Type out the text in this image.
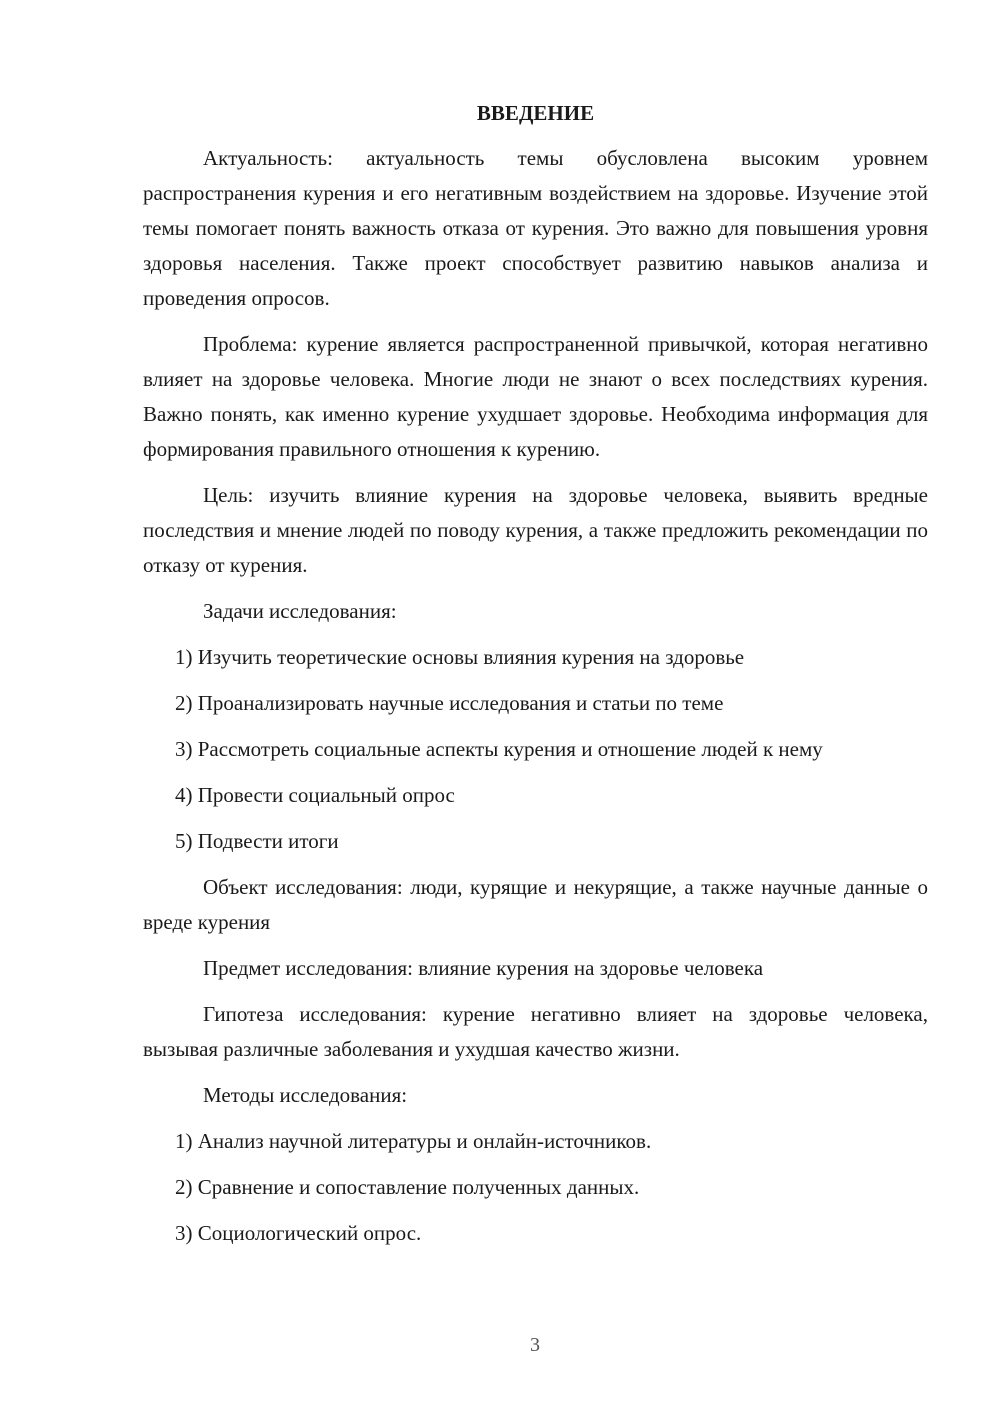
ВВЕДЕНИЕ

Актуальность: актуальность темы обусловлена высоким уровнем распространения курения и его негативным воздействием на здоровье. Изучение этой темы помогает понять важность отказа от курения. Это важно для повышения уровня здоровья населения. Также проект способствует развитию навыков анализа и проведения опросов.

Проблема: курение является распространенной привычкой, которая негативно влияет на здоровье человека. Многие люди не знают о всех последствиях курения. Важно понять, как именно курение ухудшает здоровье. Необходима информация для формирования правильного отношения к курению.

Цель: изучить влияние курения на здоровье человека, выявить вредные последствия и мнение людей по поводу курения, а также предложить рекомендации по отказу от курения.

Задачи исследования:

1) Изучить теоретические основы влияния курения на здоровье

2) Проанализировать научные исследования и статьи по теме

3) Рассмотреть социальные аспекты курения и отношение людей к нему

4) Провести социальный опрос

5) Подвести итоги

Объект исследования: люди, курящие и некурящие, а также научные данные о вреде курения

Предмет исследования: влияние курения на здоровье человека

Гипотеза исследования: курение негативно влияет на здоровье человека, вызывая различные заболевания и ухудшая качество жизни.

Методы исследования:

1) Анализ научной литературы и онлайн-источников.

2) Сравнение и сопоставление полученных данных.

3) Социологический опрос.

3
